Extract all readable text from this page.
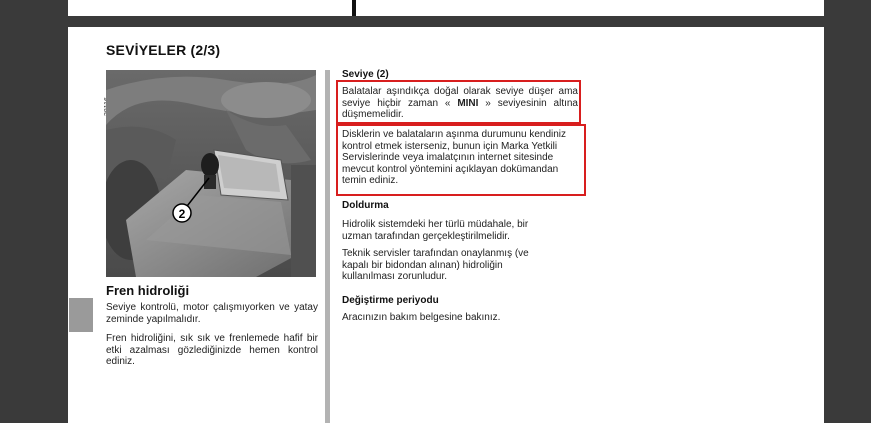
SEVİYELER (2/3)
2
Fren hidroliği
Seviye kontrolü, motor çalışmıyorken ve yatay zeminde yapılmalıdır.
Fren hidroliğini, sık sık ve frenlemede hafif bir etki azalması gözlediğinizde hemen kontrol ediniz.
Seviye (2)
Balatalar aşındıkça doğal olarak seviye düşer ama seviye hiçbir zaman « MINI » seviyesinin altına düşmemelidir.
Disklerin ve balataların aşınma durumunu kendiniz kontrol etmek isterseniz, bunun için Marka Yetkili Servislerinde veya imalatçının internet sitesinde mevcut kontrol yöntemini açıklayan dokümandan temin ediniz.
Doldurma
Hidrolik sistemdeki her türlü müdahale, bir uzman tarafından gerçekleştirilmelidir.
Teknik servisler tarafından onaylanmış (ve kapalı bir bidondan alınan) hidroliğin kullanılması zorunludur.
Değiştirme periyodu
Aracınızın bakım belgesine bakınız.
